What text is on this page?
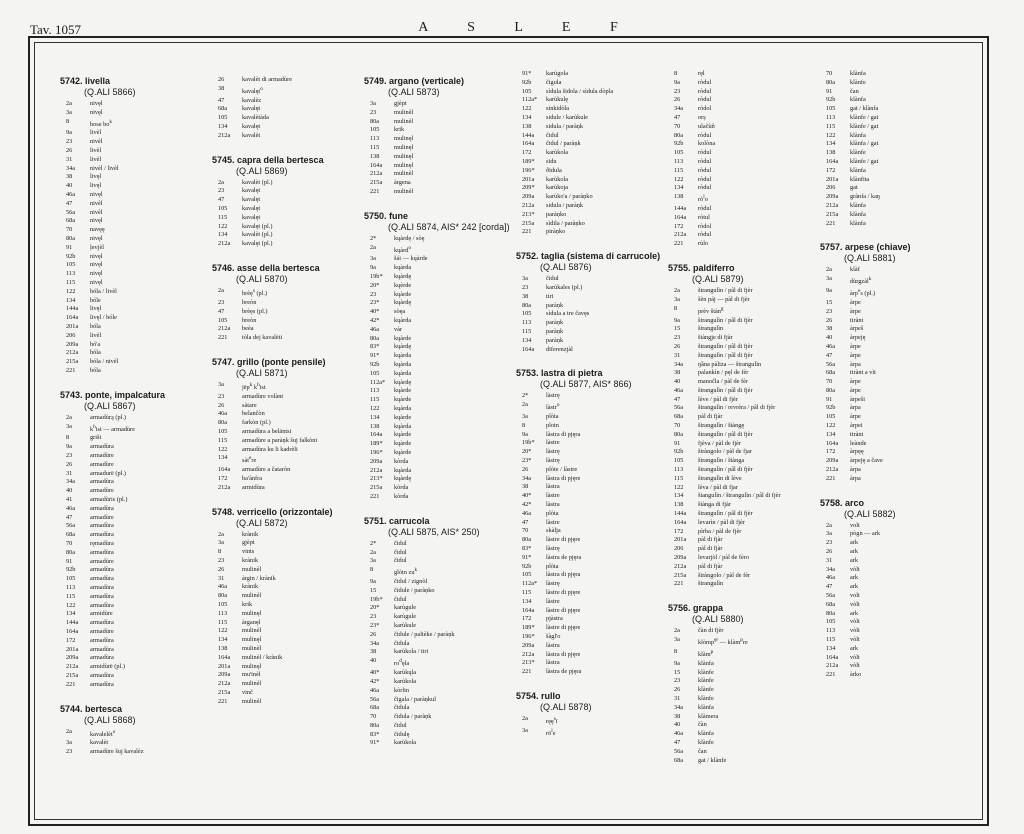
Tav. 1057	A S L E F
5742. livella
(Q.ALI 5866)
2a	nivęl
3a	nivęl
8	bose $bo^k$
9a	livèl
23	nivèl
26	livèl
31	livèl
34a	nivèl / livèl
38	livęl
40	livęl
46a	nivęl
47	nivèl
56a	nivèl
68a	nivęl
70	navęę
80a	nivęl
91	ļevjèl
92b	nivęl
105	nivęl
113	nivęl
115	nivęl
122	bóla / livèl
134	bóle
144a	livęl
164a	livęl / bóle
201a	bóla
206	livèl
209a	bó'a
212a	bóla
215a	bóla / nivèl
221	bóla
5743. ponte, impalcatura
(Q.ALI 5867)
2a	armadùrą (pl.)
3a	$k^hist$ — armadùre
8	grišt
9a	armadùra
23	armadùre
26	armadùre
31	armadurë (pl.)
34a	armadùra
40	armadùre
41	armadùris (pl.)
46a	armadùra
47	armadùre
56a	armadùra
68a	armadùra
70	ręmadùra
80a	armadùra
91	armadùre
92b	armadùra
105	armadùra
113	armadùra
115	armadùra
122	armadùra
134	armidùre
144a	armadùra
164a	armadùre
172	armadùra
201a	armadùra
209a	armadùra
212a	armidùrë (pl.)
215a	armadùra
221	armadùra
5744. bertesca
(Q.ALI 5868)
2a	kavalelèt$^o$
3a	kavalèt
23	armadùre šuj kavalèz
26	kavalèt di armadùre
38	kavalęt$^o$
47	kavalèz
68a	kavalęt
105	kavalètàda
134	kavalęt
212a	kavalèt
5745. capra della bertesca
(Q.ALI 5869)
2a	kavalèt (pl.)
23	kavalęt
47	kavalęt
105	kavalęt
115	kavalęt
122	kavalęt (pl.)
134	kavalèt (pl.)
212a	kavalęt (pl.)
5746. asse della bertesca
(Q.ALI 5870)
2a	brèę$^s$ (pl.)
23	breòn
47	brèęs (pl.)
105	breòn
212a	beèa
221	tòla dej kavalèti
5747. grillo (ponte pensile)
(Q.ALI 5871)
3a	jëp$^k$ $k^hist$
23	armadùre volànt
26	sàtare
46a	belančòn
80a	farkòn (pl.)
105	armadùra a beläntsi
115	armadùre a paràņk šuj falkòni
122	armadùra ku li kadrèli
134	sàt$^e$re
164a	armadùre a čataròn
172	ba'ànfra
212a	armidùra
5748. verricello (orizzontale)
(Q.ALI 5872)
2a	krànik
3a	gjèpt
8	vints
23	krànik
26	mulinèl
31	àrgin / krànik
46a	krànik
80a	mulinèl
105	krik
113	mulinęl
115	àrganęl
122	mulinèl
134	mulinęl
138	mulinèl
164a	mulinèl / krànik
201a	mulinęl
209a	mu'inèl
212a	mulinèl
215a	vinč
221	mulinèl
5749. argano (verticale)
(Q.ALI 5873)
3a	gjèpt
23	mulinèl
80a	mulinèl
105	krik
113	mulinęl
115	mulinęl
138	mulinęl
164a	mulinęl
212a	mulinèl
215a	àrgena
221	mulinèl
5750. fune
(Q.ALI 5874, AIS* 242 [corda])
2*	kųàrdę / sòę
2a	kųàrd$^o$
3a	šái — kųàrde
9a	kųàrda
19b*	kųàrdę
20*	kųèrde
23	kųàrde
23*	kųàrdę
40*	sòęa
42*	kųàrda
46a	vàr
80a	kųàrde
83*	kųàrdę
91*	kųàrda
92b	kųàrda
105	kųàrda
112a*	kųàrdę
113	kųàrde
115	kųàrde
122	kųàrda
134	kųàrde
138	kųàrda
164a	kųàrde
189*	kųàrde
196*	kųàrde
209a	kòrda
212a	kųàrda
213*	kųàrdę
215a	kòrda
221	kòrda
5751. carrucola
(Q.ALI 5875, AIS* 250)
2*	čidul
2a	čidul
3a	čidul
8	glòtn $zu^k$
9a	čidul / zignòl
15	čidule / paràņko
19b*	čidul
20*	karùgule
23	karùgule
23*	karùkule
26	čidule / paltèke / paràņk
34a	čidula
38	karùkola / tiri
40	$ro^dęla$
40*	karùkųla
42*	karùkola
46a	kòrlin
56a	čigala / paràņkul
68a	čidula
70	čidula / paràņk
80a	čidul
83*	čidulę
91*	karùkola
91*	karùgola
92b	čigula
105	sìdula šidola / sìdula dòpla
112a*	karùkulę
122	sinkidòla
134	sidule / karùkule
138	sidula / paràņk
144a	čidul
164a	čidul / paràņk
172	karùkola
189*	sidu
196*	ðidula
201a	karùkola
209*	karùkoja
209a	karùko'a / paràņko
212a	sidula / paràņk
213*	paràņko
215a	sìdila / paràņko
221	piràņko
5752. taglia (sistema di carrucole)
(Q.ALI 5876)
3a	čidul
23	karùkales (pl.)
38	tiri
80a	paràņk
105	sìdula a tre čavęs
113	paràņk
115	paràņk
134	paràņk
164a	diferenzjàl
5753. lastra di pietra
(Q.ALI 5877, AIS* 866)
2*	làstrę
2a	làstr$^o$
3a	plòta
8	plotn
9a	làstra di pjęra
19b*	làstre
20*	làstrę
23*	làstrę
26	plòte / làstre
34a	làstra di pjęre
38	làstra
40*	làstre
42*	làstra
46a	plòta
47	làstre
70	skàlja
80a	làstre di pjęre
83*	làstrę
91*	làstra de pjęra
92b	plòta
105	làstra di pjęra
112a*	làstrę
115	làstre di pjęre
134	làstre
164a	làstre di pjęre
172	pjàstra
189*	làstre di pjęre
196*	šàgl'o
209a	làstra
212a	làstra di pjęre
213*	làstra
221	làstra de pjęra
5754. rullo
(Q.ALI 5878)
2a	ręę$^s$ï
3a	$rö^le$
8	ręl
9a	ròdul
23	ròdul
26	ròdul
34a	ròdol
47	orș
70	ulačùñ
80a	ròdul
92b	kolòna
105	ròdul
113	ròdul
115	ròdul
122	ròdul
134	ròdul
138	$rò^lo$
144a	ròdul
164a	ròtul
172	ròdol
212a	ròdul
221	rùlo
5755. paldiferro
(Q.ALI 5879)
2a	štrangulìn / pâl di fjèr
3a	šèn páj — pàl di fjèr
8	prèv štàn$^g$
9a	štrangulìn / pâl di fjèr
15	štrangulìn
23	štàngje di fjàr
26	štrangulìn / pâl di fjèr
31	štrangulìn / pâl di fjèr
34a	ŋ̃àna pàliza — štrangulìn
38	palankìn / pęl de fèr
40	manočla / pàl de fèr
46a	štrangulìn / pâl di fjèr
47	lève / pàl di fjèr
56a	štrangulìn / revrèra / pâl di fjèr
68a	pàl di fjàr
70	štrangulìn / štàngę
80a	štrangulìn / pâl di fjèr
91	fjèva / pàl de fjèr
92b	štràngolo / pàl de fjar
105	štrangulìn / štànga
113	štrangulìn / pâl di fjèr
115	štrangulìn di lève
122	lèva / pàl di fjar
134	štangulìn / štrangulìn / pâl di fjèr
138	štànga di fjàr
144a	štrangulìn / pâl di fjèr
164a	levarìn / pàl di fjèr
172	pìrba / pàl de fjèr
201a	pàl di fjàr
206	pàl di fjàr
209a	levarjòl / pàl de fèro
212a	pàl di fjàr
215a	štràngolo / pàl de fèr
221	štrangulìn
5756. grappa
(Q.ALI 5880)
2a	čàn di fjèr
3a	klòmp$^{ęr}$ — klàm$^p$re
8	klàm$^p$
9a	klànfa
15	klànfe
23	klànfe
26	klànfe
31	klànfe
34a	klànfa
38	klàmera
40	čàn
46a	klànfa
47	klànfe
56a	čan
68a	gat / klànfe
70	klànfa
80a	klànfe
91	čan
92b	klànfa
105	gat / klànfa
113	klànfe / gat
115	klànfe / gat
122	klànfa
134	klànfa / gat
138	klànfe
164a	klànfe / gat
172	klànfa
201a	klànfita
206	gat
209a	grànfa / kaŋ
212a	klànfa
215a	klànfa
221	klànfa
5757. arpese (chiave)
(Q.ALI 5881)
2a	klàf
3a	dùrgzàl$^k$
9a	àrp$^e$s (pl.)
15	àrpe
23	àrpe
26	tirànt
38	àrpeš
40	àrpeję
46a	àrpe
47	àrpe
56a	àrpa
68a	tirànt a vìt
70	àrpe
80a	àrpe
91	àrpeši
92b	àrpa
105	àrpe
122	àrpei
134	tirànt
164a	leànde
172	àrpęę
209a	àrpeję a čave
212a	àrpa
221	àrpa
5758. arco
(Q.ALI 5882)
2a	volt
3a	pògn — ark
23	ark
26	ark
31	ark
34a	vòlt
46a	ark
47	ark
56a	volt
68a	vòlt
80a	ark
105	vòlt
113	vòlt
115	vòlt
134	ark
164a	vòlt
212a	vòlt
221	àrko
